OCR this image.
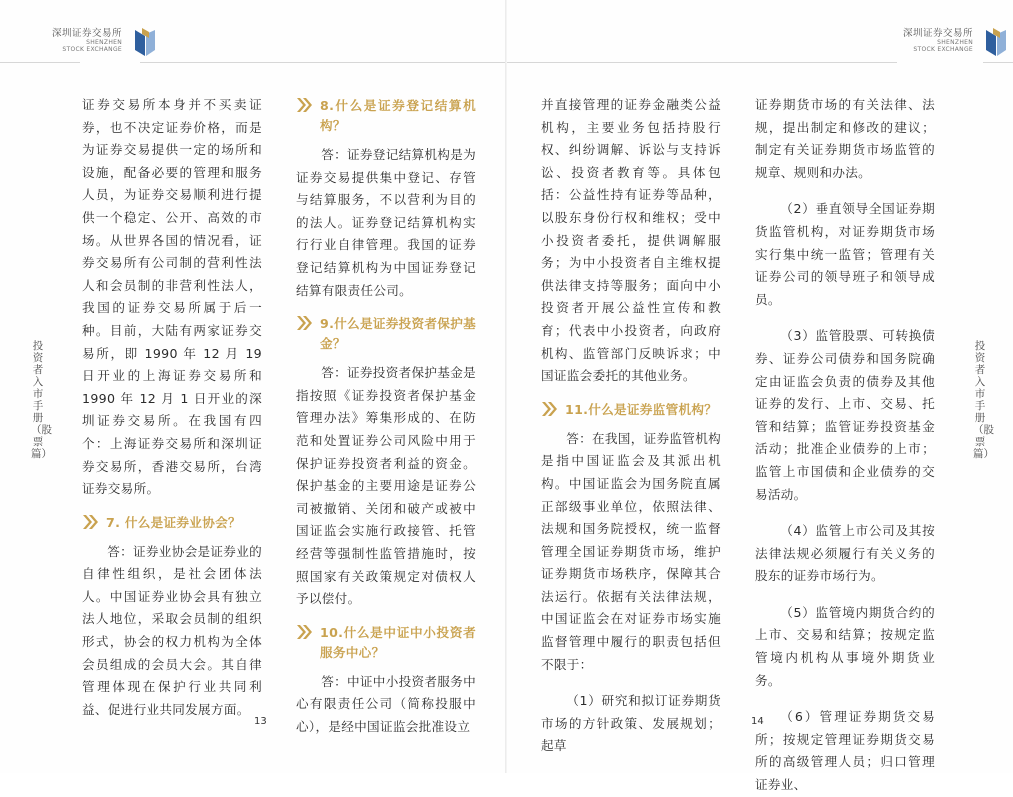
深圳证券交易所
SHENZHEN
STOCK EXCHANGE
投资者入市手册（股票篇）

证券交易所本身并不买卖证券，也不决定证券价格，而是为证券交易提供一定的场所和设施，配备必要的管理和服务人员，为证券交易顺利进行提供一个稳定、公开、高效的市场。从世界各国的情况看，证券交易所有公司制的营利性法人和会员制的非营利性法人，我国的证券交易所属于后一种。目前，大陆有两家证券交易所，即 1990 年 12 月 19 日开业的上海证券交易所和 1990 年 12 月 1 日开业的深圳证券交易所。在我国有四个：上海证券交易所和深圳证券交易所，香港交易所，台湾证券交易所。

7. 什么是证券业协会？

答：证券业协会是证券业的自律性组织，是社会团体法人。中国证券业协会具有独立法人地位，采取会员制的组织形式，协会的权力机构为全体会员组成的会员大会。其自律管理体现在保护行业共同利益、促进行业共同发展方面。

8.什么是证券登记结算机构？

答：证券登记结算机构是为证券交易提供集中登记、存管与结算服务，不以营利为目的的法人。证券登记结算机构实行行业自律管理。我国的证券登记结算机构为中国证券登记结算有限责任公司。

9.什么是证券投资者保护基金？

答：证券投资者保护基金是指按照《证券投资者保护基金管理办法》筹集形成的、在防范和处置证券公司风险中用于保护证券投资者利益的资金。保护基金的主要用途是证券公司被撤销、关闭和破产或被中国证监会实施行政接管、托管经营等强制性监管措施时，按照国家有关政策规定对债权人予以偿付。

10.什么是中证中小投资者服务中心？

答：中证中小投资者服务中心有限责任公司（简称投服中心），是经中国证监会批准设立

13
深圳证券交易所
SHENZHEN
STOCK EXCHANGE

并直接管理的证券金融类公益机构，主要业务包括持股行权、纠纷调解、诉讼与支持诉讼、投资者教育等。具体包括：公益性持有证券等品种，以股东身份行权和维权；受中小投资者委托，提供调解服务；为中小投资者自主维权提供法律支持等服务；面向中小投资者开展公益性宣传和教育；代表中小投资者，向政府机构、监管部门反映诉求；中国证监会委托的其他业务。

11.什么是证券监管机构？

答：在我国，证券监管机构是指中国证监会及其派出机构。中国证监会为国务院直属正部级事业单位，依照法律、法规和国务院授权，统一监督管理全国证券期货市场，维护证券期货市场秩序，保障其合法运行。依据有关法律法规，中国证监会在对证券市场实施监督管理中履行的职责包括但不限于：

（1）研究和拟订证券期货市场的方针政策、发展规划；起草

证券期货市场的有关法律、法规，提出制定和修改的建议；制定有关证券期货市场监管的规章、规则和办法。

（2）垂直领导全国证券期货监管机构，对证券期货市场实行集中统一监管；管理有关证券公司的领导班子和领导成员。

（3）监管股票、可转换债券、证券公司债券和国务院确定由证监会负责的债券及其他证券的发行、上市、交易、托管和结算；监管证券投资基金活动；批准企业债券的上市；监管上市国债和企业债券的交易活动。

（4）监管上市公司及其按法律法规必须履行有关义务的股东的证券市场行为。

（5）监管境内期货合约的上市、交易和结算；按规定监管境内机构从事境外期货业务。

（6）管理证券期货交易所；按规定管理证券期货交易所的高级管理人员；归口管理证券业、

投资者入市手册（股票篇）
14
